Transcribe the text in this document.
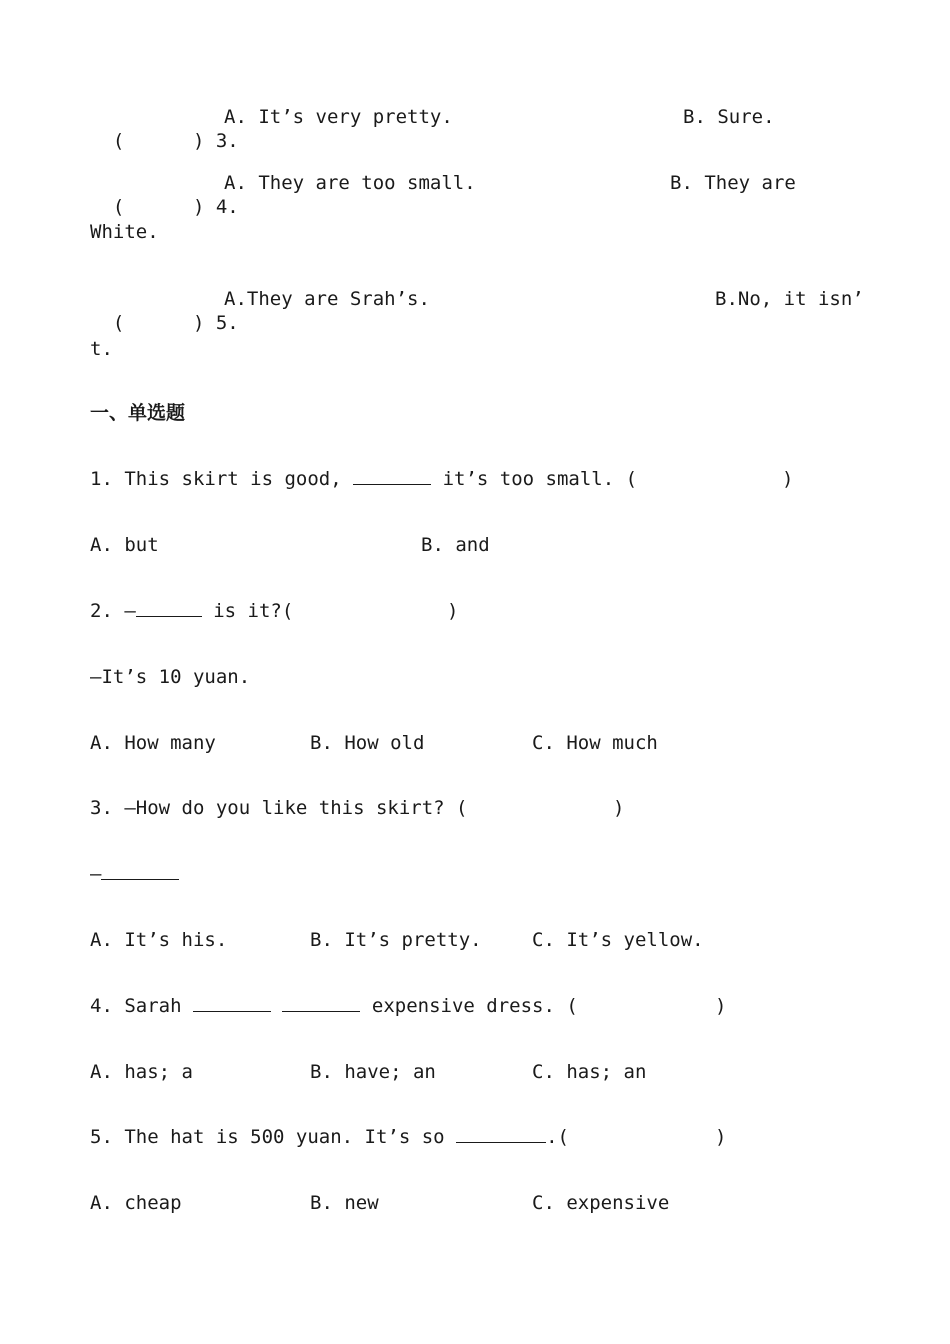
(      ) 3.

A. It’s very pretty.	B. Sure.

(      ) 4.

A. They are too small.	B. They are
White.

(      ) 5.

A.They are Srah’s.	B.No, it isn’
t.
一、单选题
1. This skirt is good,	it’s too small. (	)
A. but	B. and
2. —	is it?(	)
—It’s 10 yuan.
A. How many	B. How old	C. How much
3. —How do you like this skirt? (	)
—
A. It’s his.	B. It’s pretty.	C. It’s yellow.
4. Sarah	expensive dress. (	)
A. has; a	B. have; an	C. has; an
5. The hat is 500 yuan. It’s so	.(	)
A. cheap	B. new	C. expensive
